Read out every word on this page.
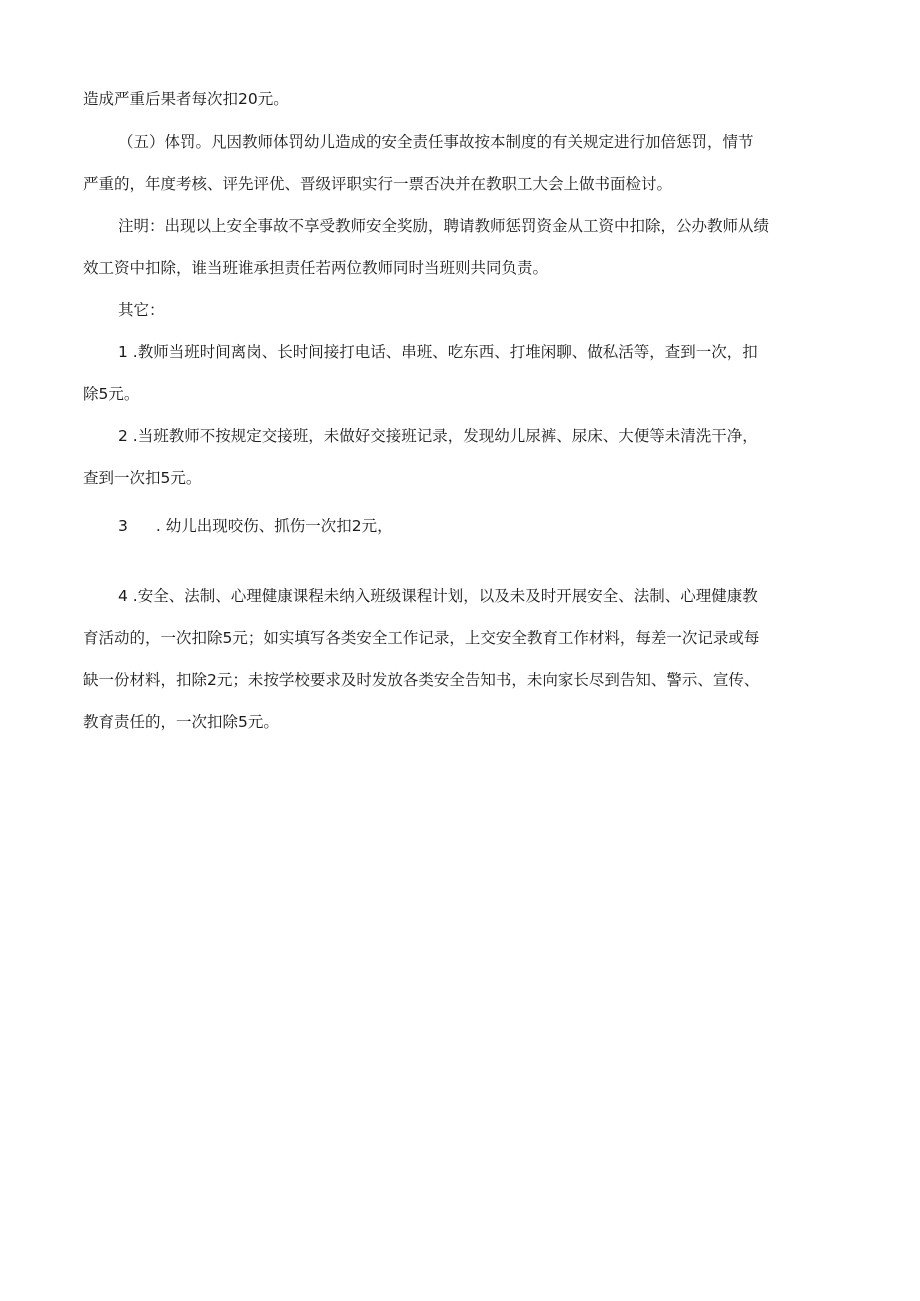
造成严重后果者每次扣20元。
（五）体罚。凡因教师体罚幼儿造成的安全责任事故按本制度的有关规定进行加倍惩罚，情节
严重的，年度考核、评先评优、晋级评职实行一票否决并在教职工大会上做书面检讨。
注明：出现以上安全事故不享受教师安全奖励，聘请教师惩罚资金从工资中扣除，公办教师从绩
效工资中扣除，谁当班谁承担责任若两位教师同时当班则共同负责。
其它：
1 .教师当班时间离岗、长时间接打电话、串班、吃东西、打堆闲聊、做私活等，查到一次，扣
除5元。
2 .当班教师不按规定交接班，未做好交接班记录，发现幼儿尿裤、尿床、大便等未清洗干净，
查到一次扣5元。
3 . 幼儿出现咬伤、抓伤一次扣2元，
4 .安全、法制、心理健康课程未纳入班级课程计划，以及未及时开展安全、法制、心理健康教
育活动的，一次扣除5元；如实填写各类安全工作记录，上交安全教育工作材料，每差一次记录或每
缺一份材料，扣除2元；未按学校要求及时发放各类安全告知书，未向家长尽到告知、警示、宣传、
教育责任的，一次扣除5元。
